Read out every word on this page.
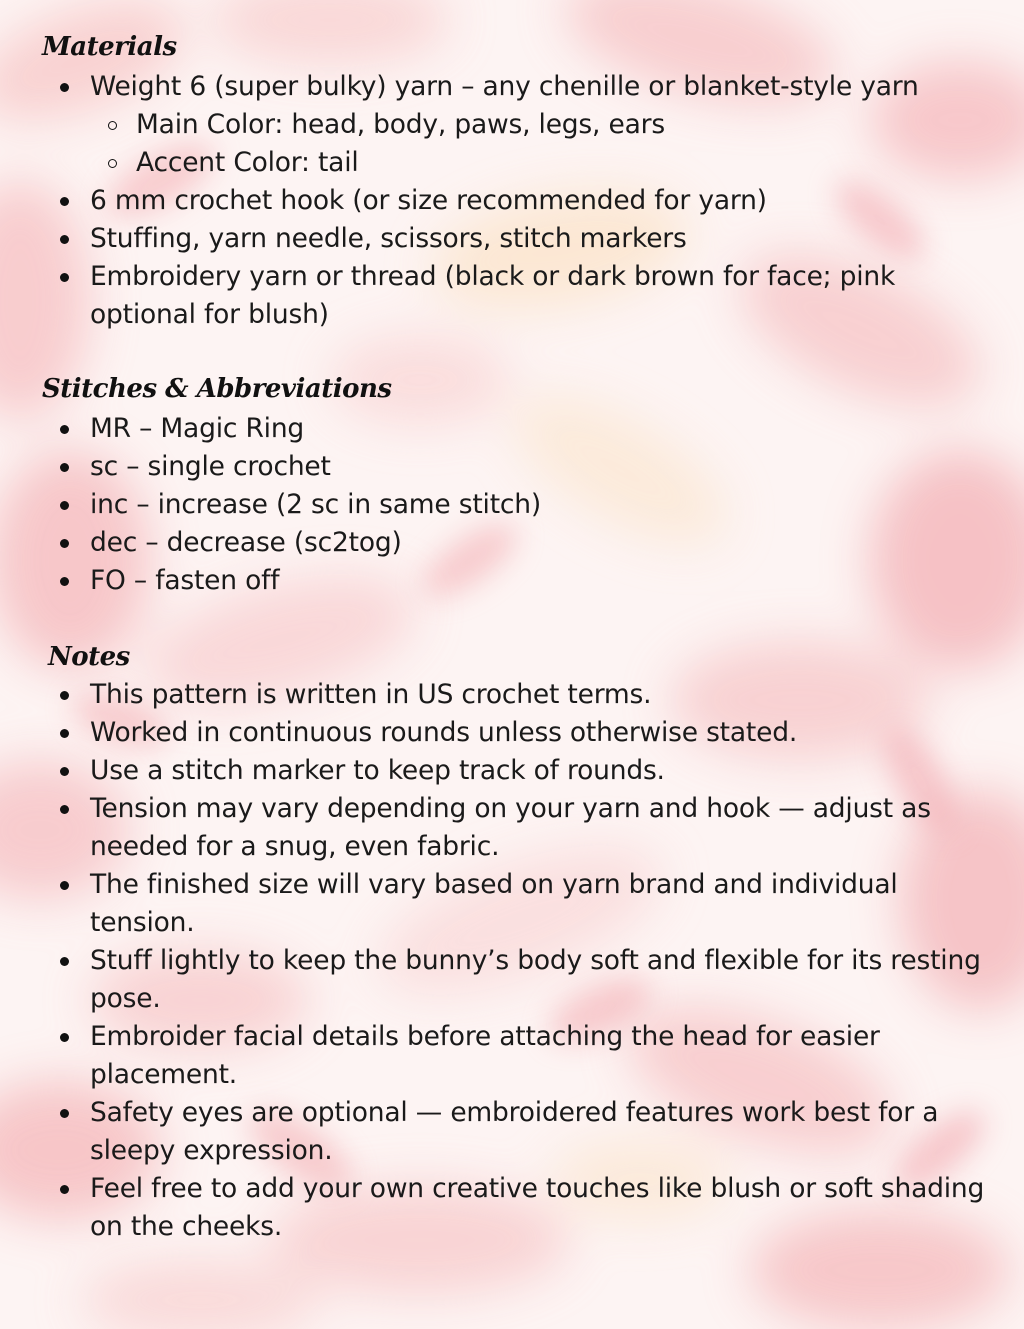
Materials
Weight 6 (super bulky) yarn – any chenille or blanket-style yarn
Main Color: head, body, paws, legs, ears
Accent Color: tail
6 mm crochet hook (or size recommended for yarn)
Stuffing, yarn needle, scissors, stitch markers
Embroidery yarn or thread (black or dark brown for face; pink
optional for blush)
Stitches & Abbreviations
MR – Magic Ring
sc – single crochet
inc – increase (2 sc in same stitch)
dec – decrease (sc2tog)
FO – fasten off
Notes
This pattern is written in US crochet terms.
Worked in continuous rounds unless otherwise stated.
Use a stitch marker to keep track of rounds.
Tension may vary depending on your yarn and hook — adjust as
needed for a snug, even fabric.
The finished size will vary based on yarn brand and individual
tension.
Stuff lightly to keep the bunny’s body soft and flexible for its resting
pose.
Embroider facial details before attaching the head for easier
placement.
Safety eyes are optional — embroidered features work best for a
sleepy expression.
Feel free to add your own creative touches like blush or soft shading
on the cheeks.
